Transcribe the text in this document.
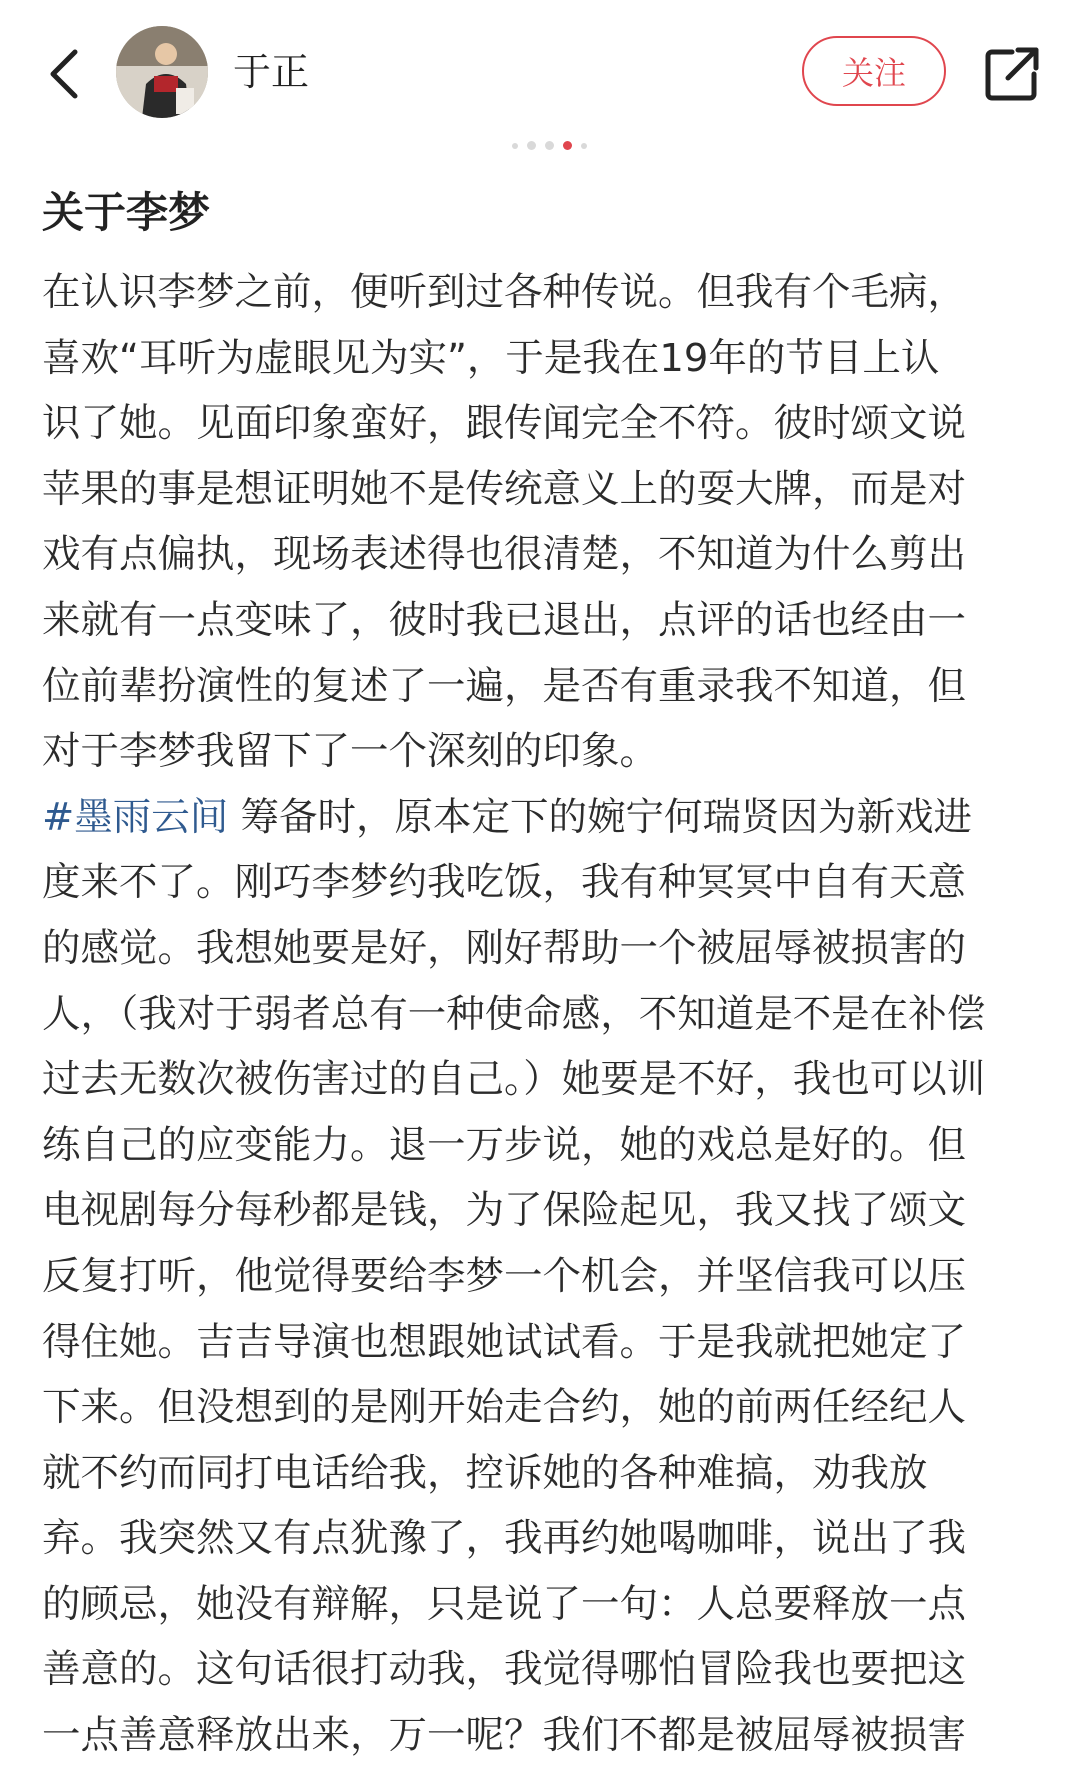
于正	关注
关于李梦
在认识李梦之前，便听到过各种传说。但我有个毛病，
喜欢“耳听为虚眼见为实”，于是我在19年的节目上认
识了她。见面印象蛮好，跟传闻完全不符。彼时颂文说
苹果的事是想证明她不是传统意义上的耍大牌，而是对
戏有点偏执，现场表述得也很清楚，不知道为什么剪出
来就有一点变味了，彼时我已退出，点评的话也经由一
位前辈扮演性的复述了一遍，是否有重录我不知道，但
对于李梦我留下了一个深刻的印象。
#墨雨云间 筹备时，原本定下的婉宁何瑞贤因为新戏进
度来不了。刚巧李梦约我吃饭，我有种冥冥中自有天意
的感觉。我想她要是好，刚好帮助一个被屈辱被损害的
人，（我对于弱者总有一种使命感，不知道是不是在补偿
过去无数次被伤害过的自己。）她要是不好，我也可以训
练自己的应变能力。退一万步说，她的戏总是好的。但
电视剧每分每秒都是钱，为了保险起见，我又找了颂文
反复打听，他觉得要给李梦一个机会，并坚信我可以压
得住她。吉吉导演也想跟她试试看。于是我就把她定了
下来。但没想到的是刚开始走合约，她的前两任经纪人
就不约而同打电话给我，控诉她的各种难搞，劝我放
弃。我突然又有点犹豫了，我再约她喝咖啡，说出了我
的顾忌，她没有辩解，只是说了一句：人总要释放一点
善意的。这句话很打动我，我觉得哪怕冒险我也要把这
一点善意释放出来，万一呢？我们不都是被屈辱被损害
